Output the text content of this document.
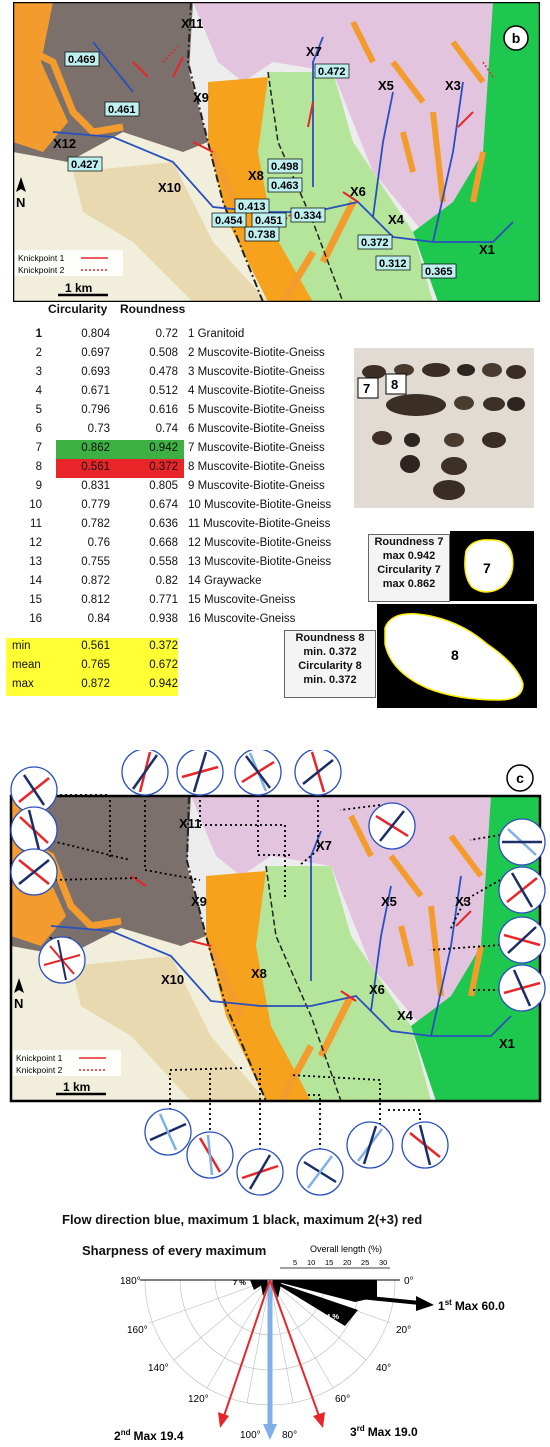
b
X11
X7
X5	X3
X9
X12
X8
X6
X10
X4
X1
0.469
0.472
0.461
0.427	0.498
0.463
0.413
0.454 0.451 0.334
0.738
0.372
0.312
0.365
N
Knickpoint 1
Knickpoint 2
1 km
Circularity Roundness
1	0.804	0.72 1 Granitoid
2	0.697	0.508 2 Muscovite-Biotite-Gneiss
3	0.693	0.478 3 Muscovite-Biotite-Gneiss
4	0.671	0.512 4 Muscovite-Biotite-Gneiss
5	0.796	0.616 5 Muscovite-Biotite-Gneiss
6	0.73	0.74 6 Muscovite-Biotite-Gneiss
7	0.862	0.942 7 Muscovite-Biotite-Gneiss
8	0.561	0.372 8 Muscovite-Biotite-Gneiss
9	0.831	0.805 9 Muscovite-Biotite-Gneiss
10	0.779	0.674 10 Muscovite-Biotite-Gneiss
11	0.782	0.636 11 Muscovite-Biotite-Gneiss
12	0.76	0.668 12 Muscovite-Biotite-Gneiss
13	0.755	0.558 13 Muscovite-Biotite-Gneiss
14	0.872	0.82 14 Graywacke
15	0.812	0.771 15 Muscovite-Gneiss
16	0.84	0.938 16 Muscovite-Gneiss
min	0.561	0.372
mean	0.765	0.672
max	0.872	0.942
7 8
7
8
Roundness 7
max 0.942
Circularity 7
max 0.862
Roundness 8
min. 0.372
Circularity 8
min. 0.372
X11
X7
X5	X3
X9
X8
X6
X10
X4
X1
N
Knickpoint 1
Knickpoint 2
1 km
c
Flow direction blue, maximum 1 black, maximum 2(+3) red
Sharpness of every maximum	Overall length (%)
5 10 15 20 25 30
7 %
24 %
180°
160°
140°
120°
100° 80°
60°
40°
20°
0°
1st Max 60.0
2nd Max 19.4	3rd Max 19.0
